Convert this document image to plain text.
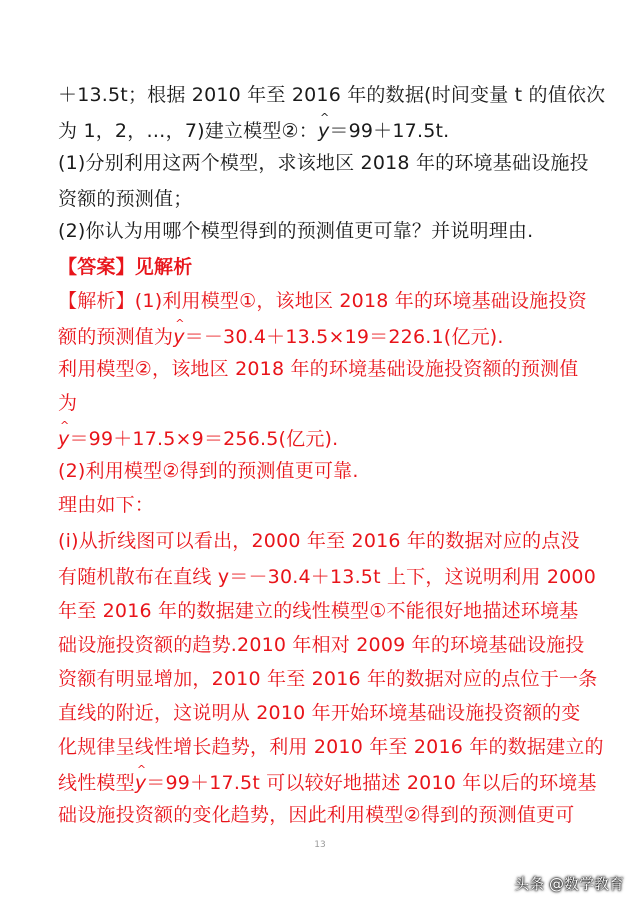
＋13.5t；根据 2010 年至 2016 年的数据(时间变量 t 的值依次
为 1，2，…，7)建立模型②：^ y＝99＋17.5t.
(1)分别利用这两个模型，求该地区 2018 年的环境基础设施投
资额的预测值；
(2)你认为用哪个模型得到的预测值更可靠？并说明理由.
【答案】见解析
【解析】(1)利用模型①，该地区 2018 年的环境基础设施投资
额的预测值为^ y＝－30.4＋13.5×19＝226.1(亿元).
利用模型②，该地区 2018 年的环境基础设施投资额的预测值
为
^ y＝99＋17.5×9＝256.5(亿元).
(2)利用模型②得到的预测值更可靠.
理由如下：
(ⅰ)从折线图可以看出，2000 年至 2016 年的数据对应的点没
有随机散布在直线 y＝－30.4＋13.5t 上下，这说明利用 2000
年至 2016 年的数据建立的线性模型①不能很好地描述环境基
础设施投资额的趋势.2010 年相对 2009 年的环境基础设施投
资额有明显增加，2010 年至 2016 年的数据对应的点位于一条
直线的附近，这说明从 2010 年开始环境基础设施投资额的变
化规律呈线性增长趋势，利用 2010 年至 2016 年的数据建立的
线性模型^ y＝99＋17.5t 可以较好地描述 2010 年以后的环境基
础设施投资额的变化趋势，因此利用模型②得到的预测值更可
13
头条 @数学教育
